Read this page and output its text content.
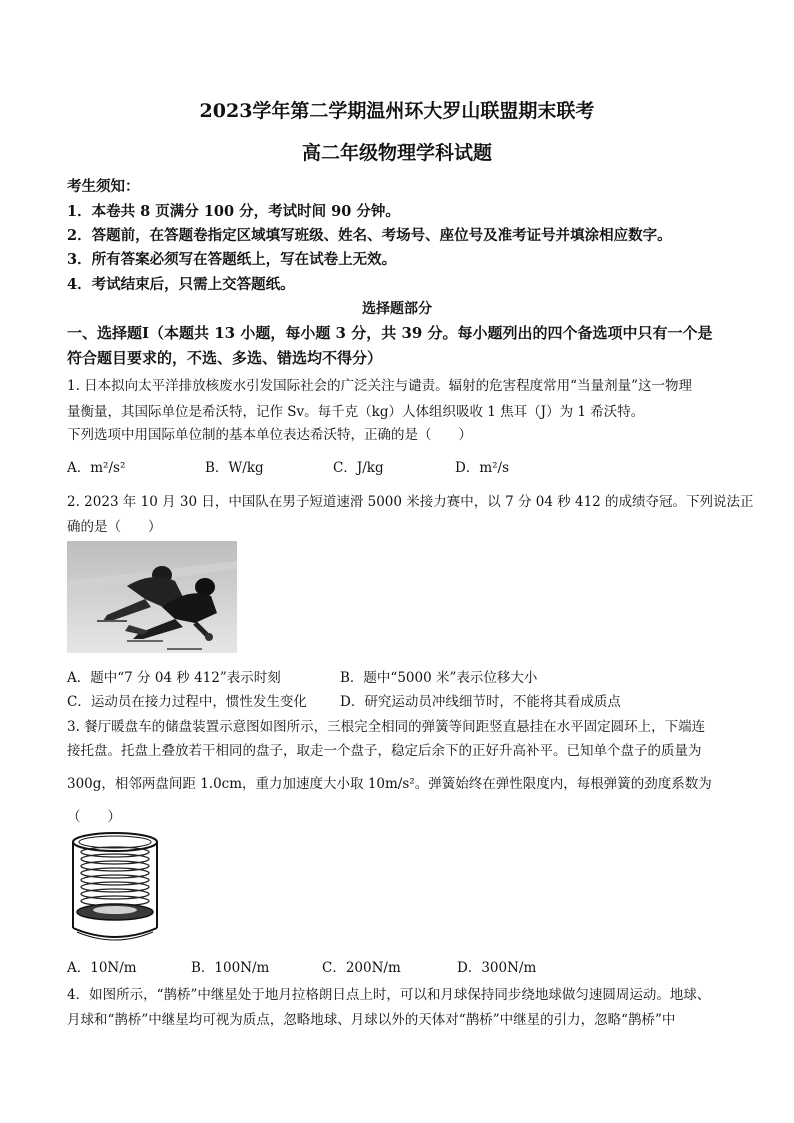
2023学年第二学期温州环大罗山联盟期末联考
高二年级物理学科试题
考生须知：
1．本卷共 8 页满分 100 分，考试时间 90 分钟。
2．答题前，在答题卷指定区域填写班级、姓名、考场号、座位号及准考证号并填涂相应数字。
3．所有答案必须写在答题纸上，写在试卷上无效。
4．考试结束后，只需上交答题纸。
选择题部分
一、选择题Ⅰ（本题共 13 小题，每小题 3 分，共 39 分。每小题列出的四个备选项中只有一个是
符合题目要求的，不选、多选、错选均不得分）
1. 日本拟向太平洋排放核废水引发国际社会的广泛关注与谴责。辐射的危害程度常用“当量剂量”这一物理
量衡量，其国际单位是希沃特，记作 Sv。每千克（kg）人体组织吸收 1 焦耳（J）为 1 希沃特。
下列选项中用国际单位制的基本单位表达希沃特，正确的是（　　）
A．m²/s²	B．W/kg	C．J/kg	D．m²/s
2. 2023 年 10 月 30 日，中国队在男子短道速滑 5000 米接力赛中，以 7 分 04 秒 412 的成绩夺冠。下列说法正
确的是（　　）
A．题中“7 分 04 秒 412”表示时刻	B．题中“5000 米”表示位移大小
C．运动员在接力过程中，惯性发生变化 D．研究运动员冲线细节时，不能将其看成质点
3. 餐厅暖盘车的储盘装置示意图如图所示，三根完全相同的弹簧等间距竖直悬挂在水平固定圆环上，下端连
接托盘。托盘上叠放若干相同的盘子，取走一个盘子，稳定后余下的正好升高补平。已知单个盘子的质量为
300g，相邻两盘间距 1.0cm，重力加速度大小取 10m/s²。弹簧始终在弹性限度内，每根弹簧的劲度系数为
（　　）
A．10N/m	B．100N/m	C．200N/m	D．300N/m
4．如图所示，“鹊桥”中继星处于地月拉格朗日点上时，可以和月球保持同步绕地球做匀速圆周运动。地球、
月球和“鹊桥”中继星均可视为质点，忽略地球、月球以外的天体对“鹊桥”中继星的引力，忽略“鹊桥”中
